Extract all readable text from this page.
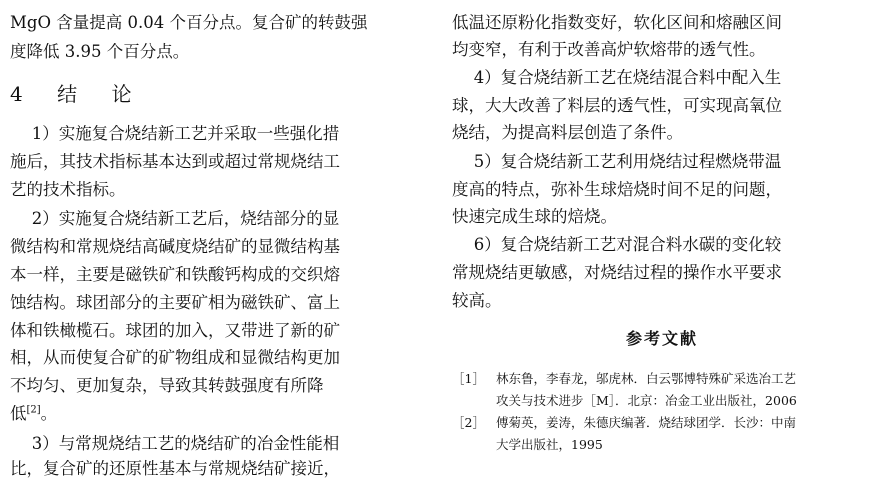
MgO 含量提高 0.04 个百分点。复合矿的转鼓强
度降低 3.95 个百分点。
4 结 论
　 1）实施复合烧结新工艺并采取一些强化措
施后，其技术指标基本达到或超过常规烧结工
艺的技术指标。
　 2）实施复合烧结新工艺后，烧结部分的显
微结构和常规烧结高碱度烧结矿的显微结构基
本一样，主要是磁铁矿和铁酸钙构成的交织熔
蚀结构。球团部分的主要矿相为磁铁矿、富上
体和铁橄榄石。球团的加入，又带进了新的矿
相，从而使复合矿的矿物组成和显微结构更加
不均匀、更加复杂，导致其转鼓强度有所降
低[2]。
　 3）与常规烧结工艺的烧结矿的冶金性能相
比，复合矿的还原性基本与常规烧结矿接近，
低温还原粉化指数变好，软化区间和熔融区间
均变窄，有利于改善高炉软熔带的透气性。
　 4）复合烧结新工艺在烧结混合料中配入生
球，大大改善了料层的透气性，可实现高氧位
烧结，为提高料层创造了条件。
　 5）复合烧结新工艺利用烧结过程燃烧带温
度高的特点，弥补生球焙烧时间不足的问题，
快速完成生球的焙烧。
　 6）复合烧结新工艺对混合料水碳的变化较
常规烧结更敏感，对烧结过程的操作水平要求
较高。
参考文献
［1］ 林东鲁，李春龙，邬虎林．白云鄂博特殊矿采选冶工艺
攻关与技术进步［M］．北京：冶金工业出版社，2006
［2］ 傅菊英，姜涛，朱德庆编著．烧结球团学．长沙：中南
大学出版社，1995
